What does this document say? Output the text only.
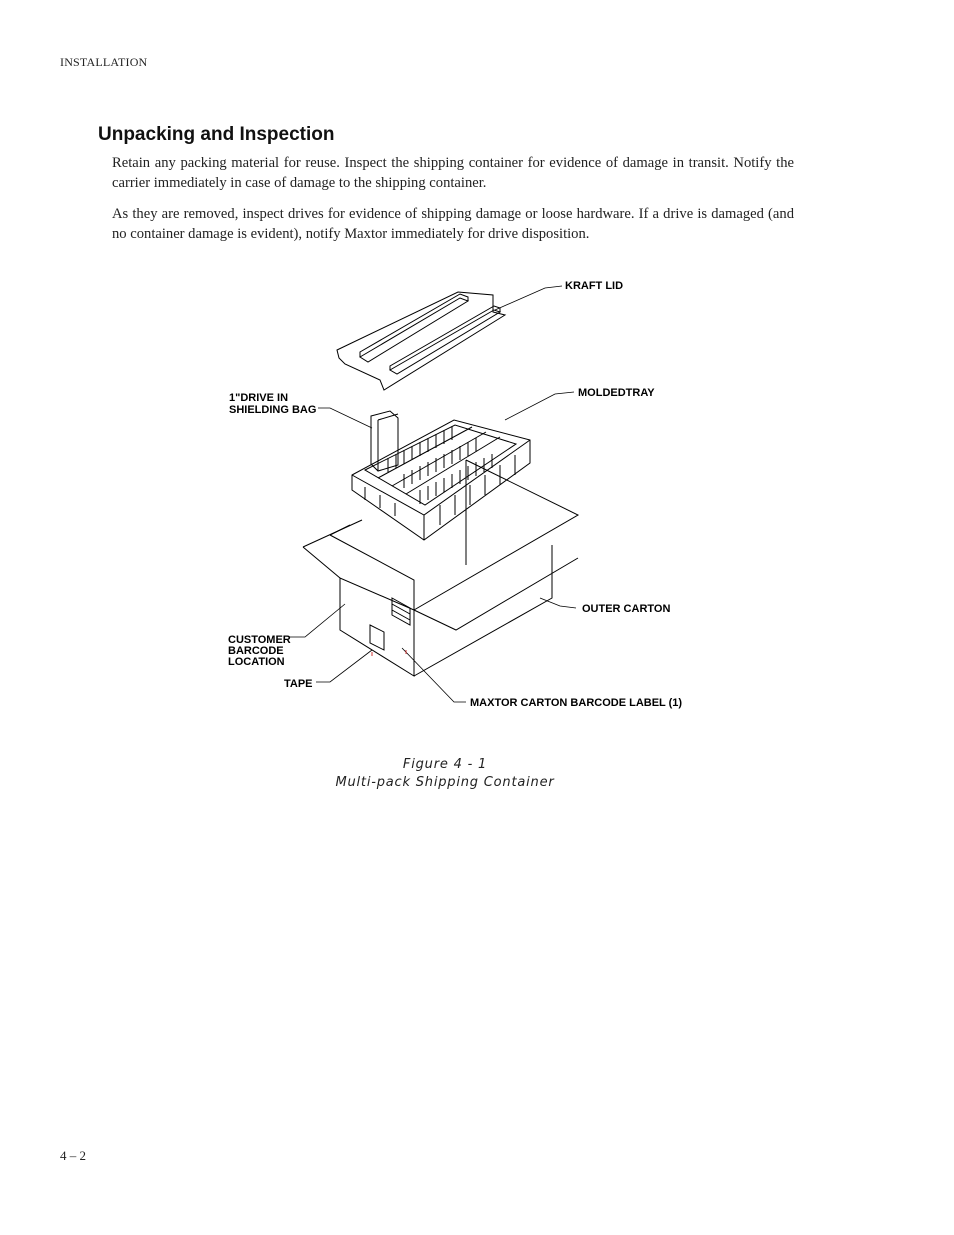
INSTALLATION
Unpacking and Inspection

Retain any packing material for reuse. Inspect the shipping container for evidence of damage in transit. Notify the carrier immediately in case of damage to the shipping container.

As they are removed, inspect drives for evidence of shipping damage or loose hardware. If a drive is damaged (and no container damage is evident), notify Maxtor immediately for drive disposition.

KRAFT LID
1"DRIVE IN
SHIELDING BAG
MOLDEDTRAY
OUTER CARTON
CUSTOMER
BARCODE
LOCATION
TAPE
MAXTOR CARTON BARCODE LABEL (1)
Figure 4 - 1
Multi-pack Shipping Container
4 – 2
